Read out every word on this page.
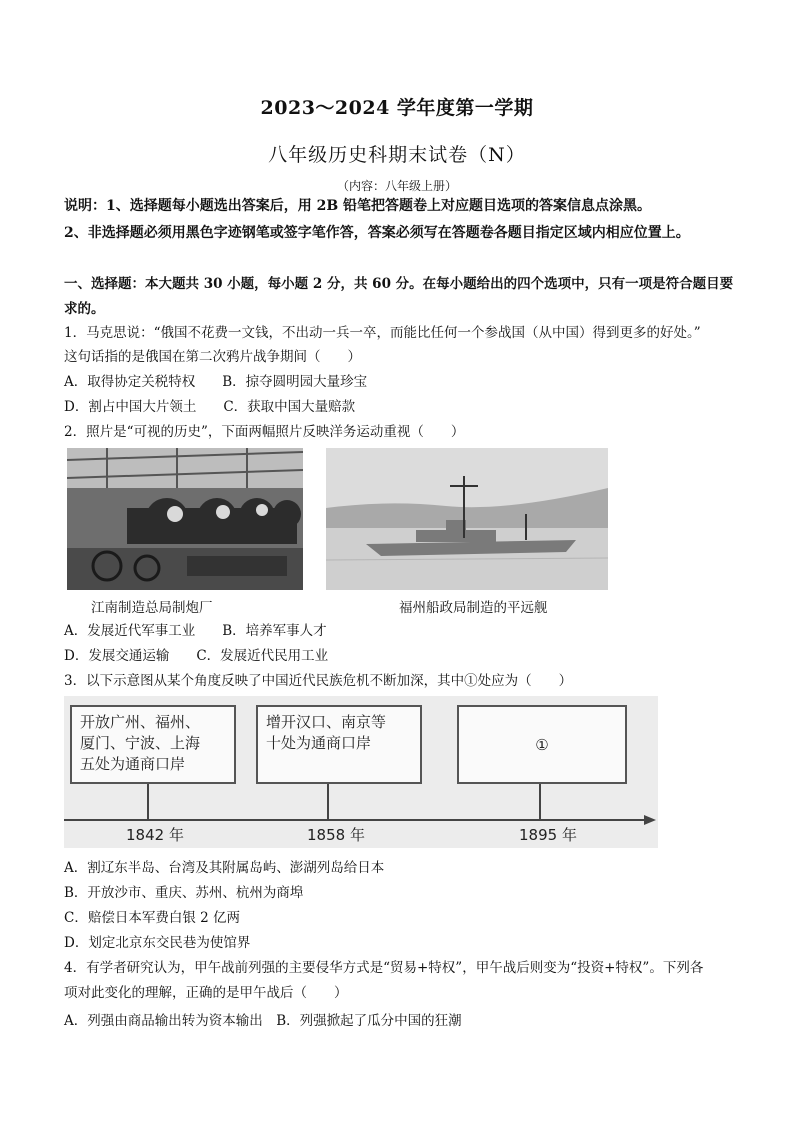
2023～2024 学年度第一学期
八年级历史科期末试卷（N）
（内容：八年级上册）
说明：1、选择题每小题选出答案后，用 2B 铅笔把答题卷上对应题目选项的答案信息点涂黑。
2、非选择题必须用黑色字迹钢笔或签字笔作答，答案必须写在答题卷各题目指定区域内相应位置上。
一、选择题：本大题共 30 小题，每小题 2 分，共 60 分。在每小题给出的四个选项中，只有一项是符合题目要求的。
1．马克思说：“俄国不花费一文钱，不出动一兵一卒，而能比任何一个参战国（从中国）得到更多的好处。”
这句话指的是俄国在第二次鸦片战争期间（　　）
A．取得协定关税特权　　B．掠夺圆明园大量珍宝
D．割占中国大片领土　　C．获取中国大量赔款
2．照片是“可视的历史”，下面两幅照片反映洋务运动重视（　　）
江南制造总局制炮厂	福州船政局制造的平远舰
A．发展近代军事工业　　B．培养军事人才
D．发展交通运输　　C．发展近代民用工业
3．以下示意图从某个角度反映了中国近代民族危机不断加深，其中①处应为（　　）
开放广州、福州、
厦门、宁波、上海
五处为通商口岸
增开汉口、南京等
十处为通商口岸	①
1842 年	1858 年	1895 年
A．割辽东半岛、台湾及其附属岛屿、澎湖列岛给日本
B．开放沙市、重庆、苏州、杭州为商埠
C．赔偿日本军费白银 2 亿两
D．划定北京东交民巷为使馆界
4．有学者研究认为，甲午战前列强的主要侵华方式是“贸易+特权”，甲午战后则变为“投资+特权”。下列各
项对此变化的理解，正确的是甲午战后（　　）
A．列强由商品输出转为资本输出　B．列强掀起了瓜分中国的狂潮
